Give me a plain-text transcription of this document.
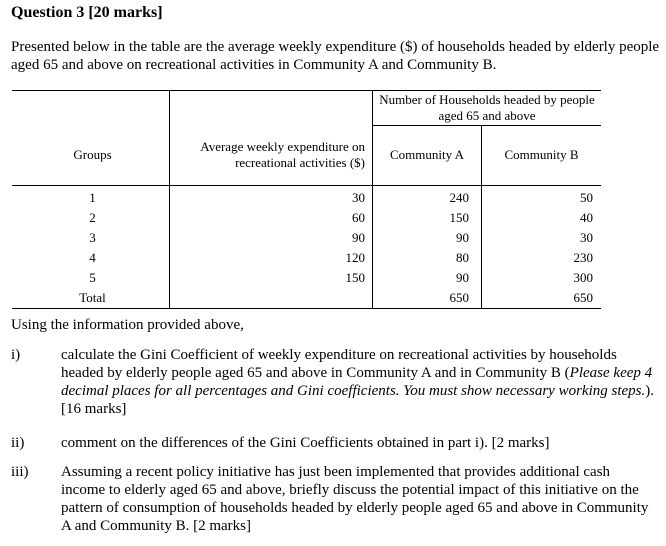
Question 3 [20 marks]
Presented below in the table are the average weekly expenditure ($) of households headed by elderly people aged 65 and above on recreational activities in Community A and Community B.
		Number of Households headed by people aged 65 and above	
Groups	Average weekly expenditure on recreational activities ($)	Community A	Community B
1	30	240	50
2	60	150	40
3	90	90	30
4	120	80	230
5	150	90	300
Total		650	650
Using the information provided above,
i)	calculate the Gini Coefficient of weekly expenditure on recreational activities by households headed by elderly people aged 65 and above in Community A and in Community B (Please keep 4 decimal places for all percentages and Gini coefficients. You must show necessary working steps.). [16 marks]
ii) comment on the differences of the Gini Coefficients obtained in part i). [2 marks]
iii) Assuming a recent policy initiative has just been implemented that provides additional cash income to elderly aged 65 and above, briefly discuss the potential impact of this initiative on the pattern of consumption of households headed by elderly people aged 65 and above in Community A and Community B. [2 marks]
